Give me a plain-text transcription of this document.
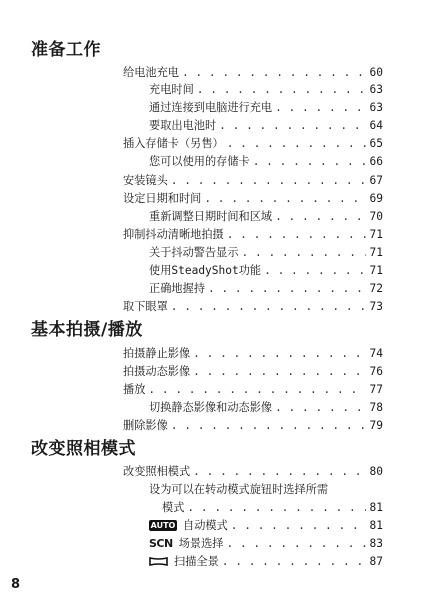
准备工作
给电池充电 . . .	60
充电时间 . . .	63
通过连接到电脑进行充电 . . .	63
要取出电池时 . . .	64
插入存储卡（另售） . . .	65
您可以使用的存储卡 . . .	66
安装镜头 . . .	67
设定日期和时间 . . .	69
重新调整日期时间和区域 . . .	70
抑制抖动清晰地拍摄 . . .	71
关于抖动警告显示 . . .	71
使用SteadyShot功能 . . .	71
正确地握持 . . .	72
取下眼罩 . . .	73
基本拍摄/播放
拍摄静止影像 . . .	74
拍摄动态影像 . . .	76
播放 . . .	77
切换静态影像和动态影像 . . .	78
删除影像 . . .	79
改变照相模式
改变照相模式 . . .	80
设为可以在转动模式旋钮时选择所需
模式 . . .	81
AUTO 自动模式 . . .	81
SCN 场景选择 . . .	83
扫描全景 . . .	87
8
